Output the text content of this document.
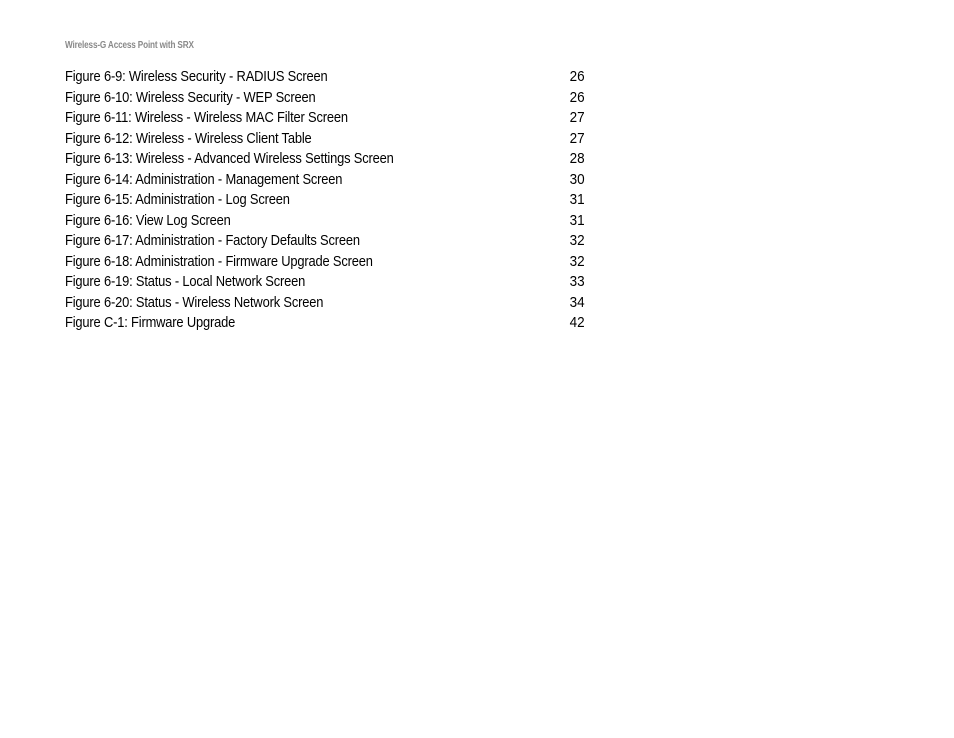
Wireless-G Access Point with SRX
Figure 6-9: Wireless Security - RADIUS Screen	26
Figure 6-10: Wireless Security - WEP Screen	26
Figure 6-11: Wireless - Wireless MAC Filter Screen	27
Figure 6-12: Wireless - Wireless Client Table	27
Figure 6-13: Wireless - Advanced Wireless Settings Screen	28
Figure 6-14: Administration - Management Screen	30
Figure 6-15: Administration - Log Screen	31
Figure 6-16: View Log Screen	31
Figure 6-17: Administration - Factory Defaults Screen	32
Figure 6-18: Administration - Firmware Upgrade Screen	32
Figure 6-19: Status - Local Network Screen	33
Figure 6-20: Status - Wireless Network Screen	34
Figure C-1: Firmware Upgrade	42
